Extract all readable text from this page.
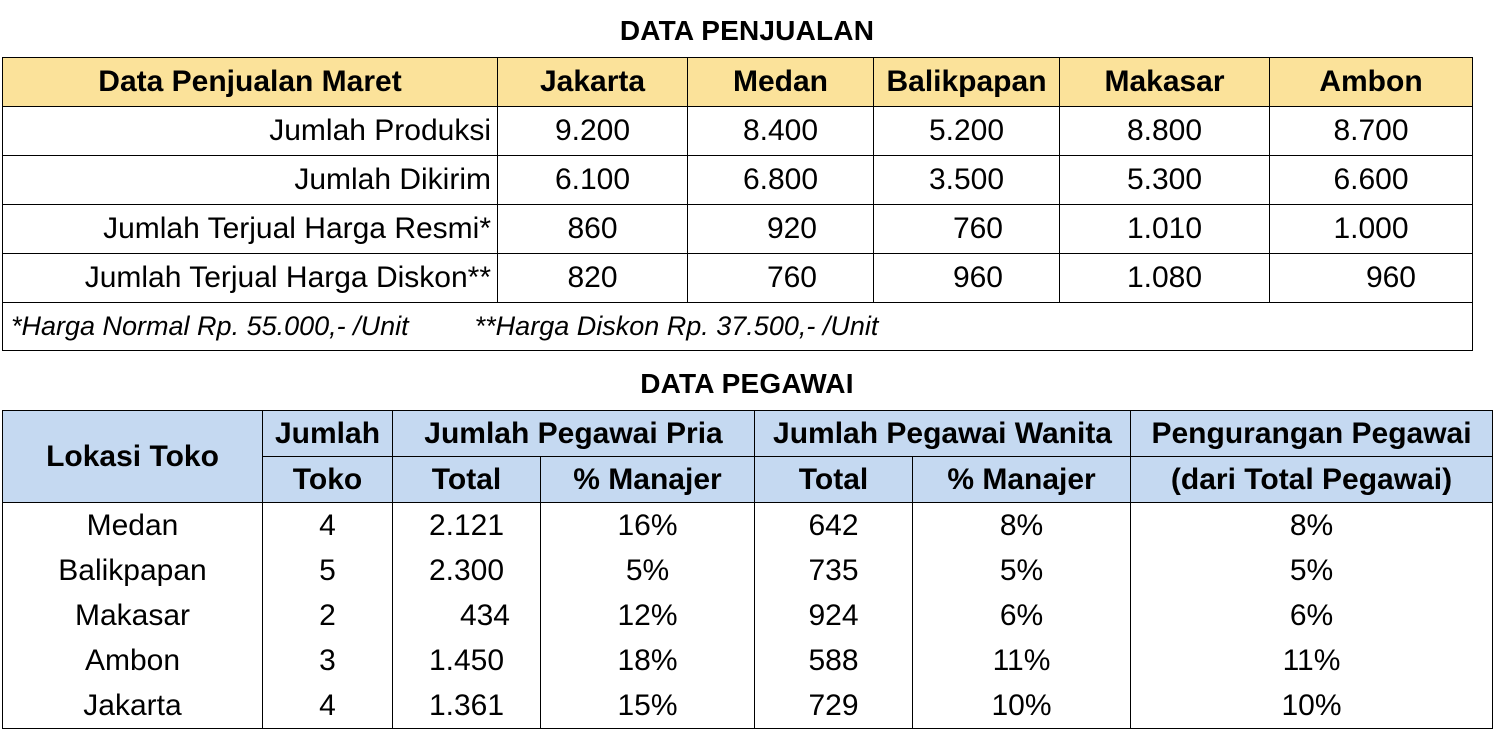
DATA PENJUALAN
Data Penjualan Maret	Jakarta	Medan	Balikpapan	Makasar	Ambon
Jumlah Produksi	9.200	8.400	5.200	8.800	8.700
Jumlah Dikirim	6.100	6.800	3.500	5.300	6.600
Jumlah Terjual Harga Resmi*	860	920	760	1.010	1.000
Jumlah Terjual Harga Diskon**	820	760	960	1.080	960
*Harga Normal Rp. 55.000,- /Unit **Harga Diskon Rp. 37.500,- /Unit					
DATA PEGAWAI
Lokasi Toko	Jumlah	Jumlah Pegawai Pria		Jumlah Pegawai Wanita		Pengurangan Pegawai
	Toko	Total	% Manajer	Total	% Manajer	(dari Total Pegawai)
Medan	4	2.121	16%	642	8%	8%
Balikpapan	5	2.300	5%	735	5%	5%
Makasar	2	434	12%	924	6%	6%
Ambon	3	1.450	18%	588	11%	11%
Jakarta	4	1.361	15%	729	10%	10%
